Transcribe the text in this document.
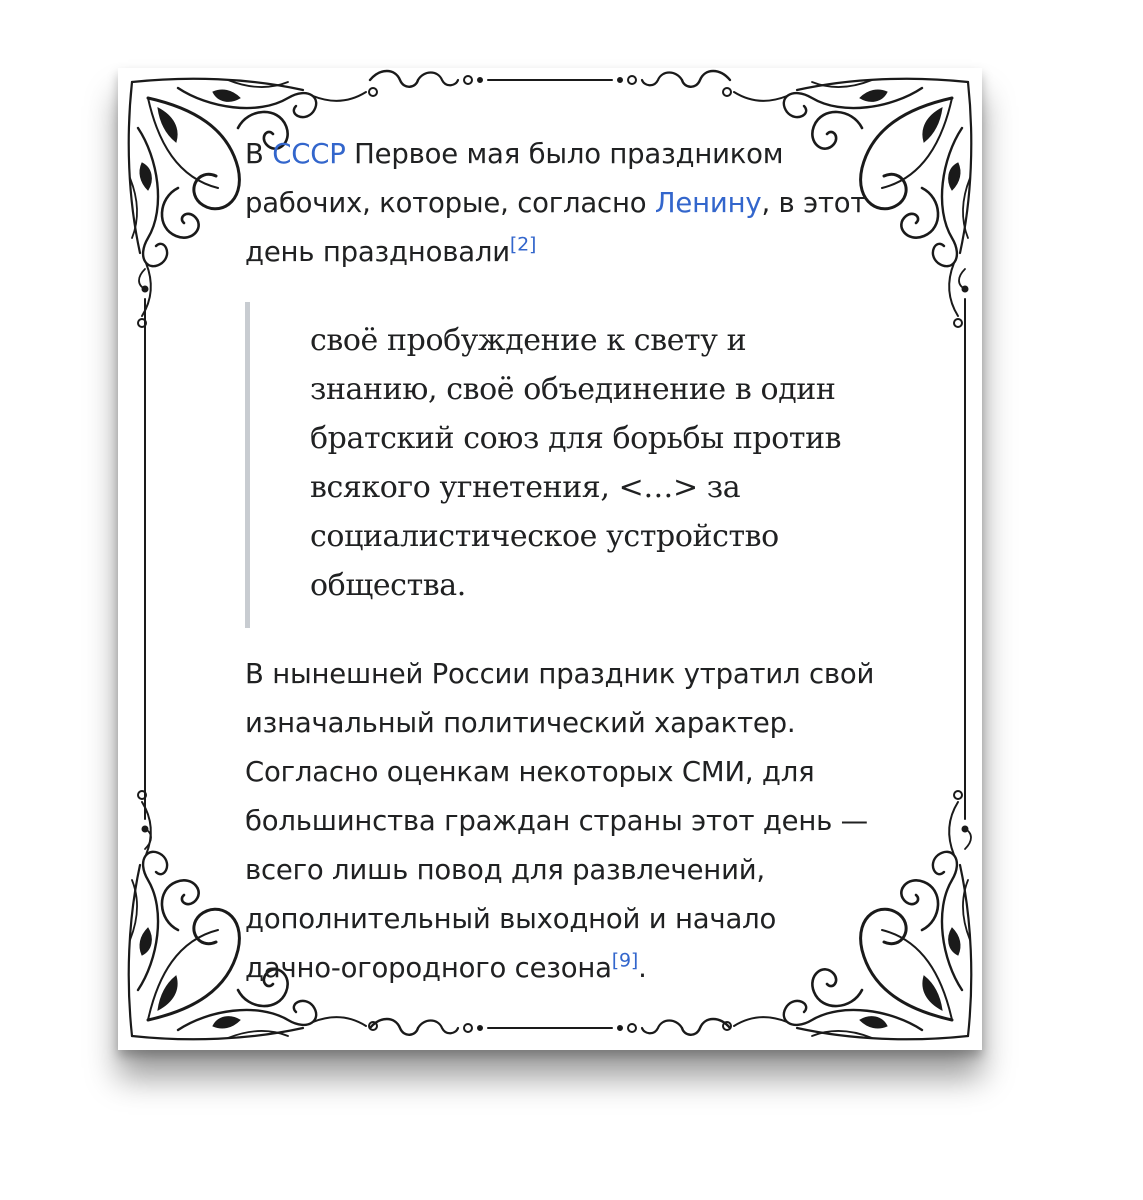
В СССР Первое мая было праздником рабочих, которые, согласно Ленину, в этот день праздновали[2]

своё пробуждение к свету и знанию, своё объединение в один братский союз для борьбы против всякого угнетения, <…> за социалистическое устройство общества.

В нынешней России праздник утратил свой изначальный политический характер. Согласно оценкам некоторых СМИ, для большинства граждан страны этот день — всего лишь повод для развлечений, дополнительный выходной и начало дачно-огородного сезона[9].
